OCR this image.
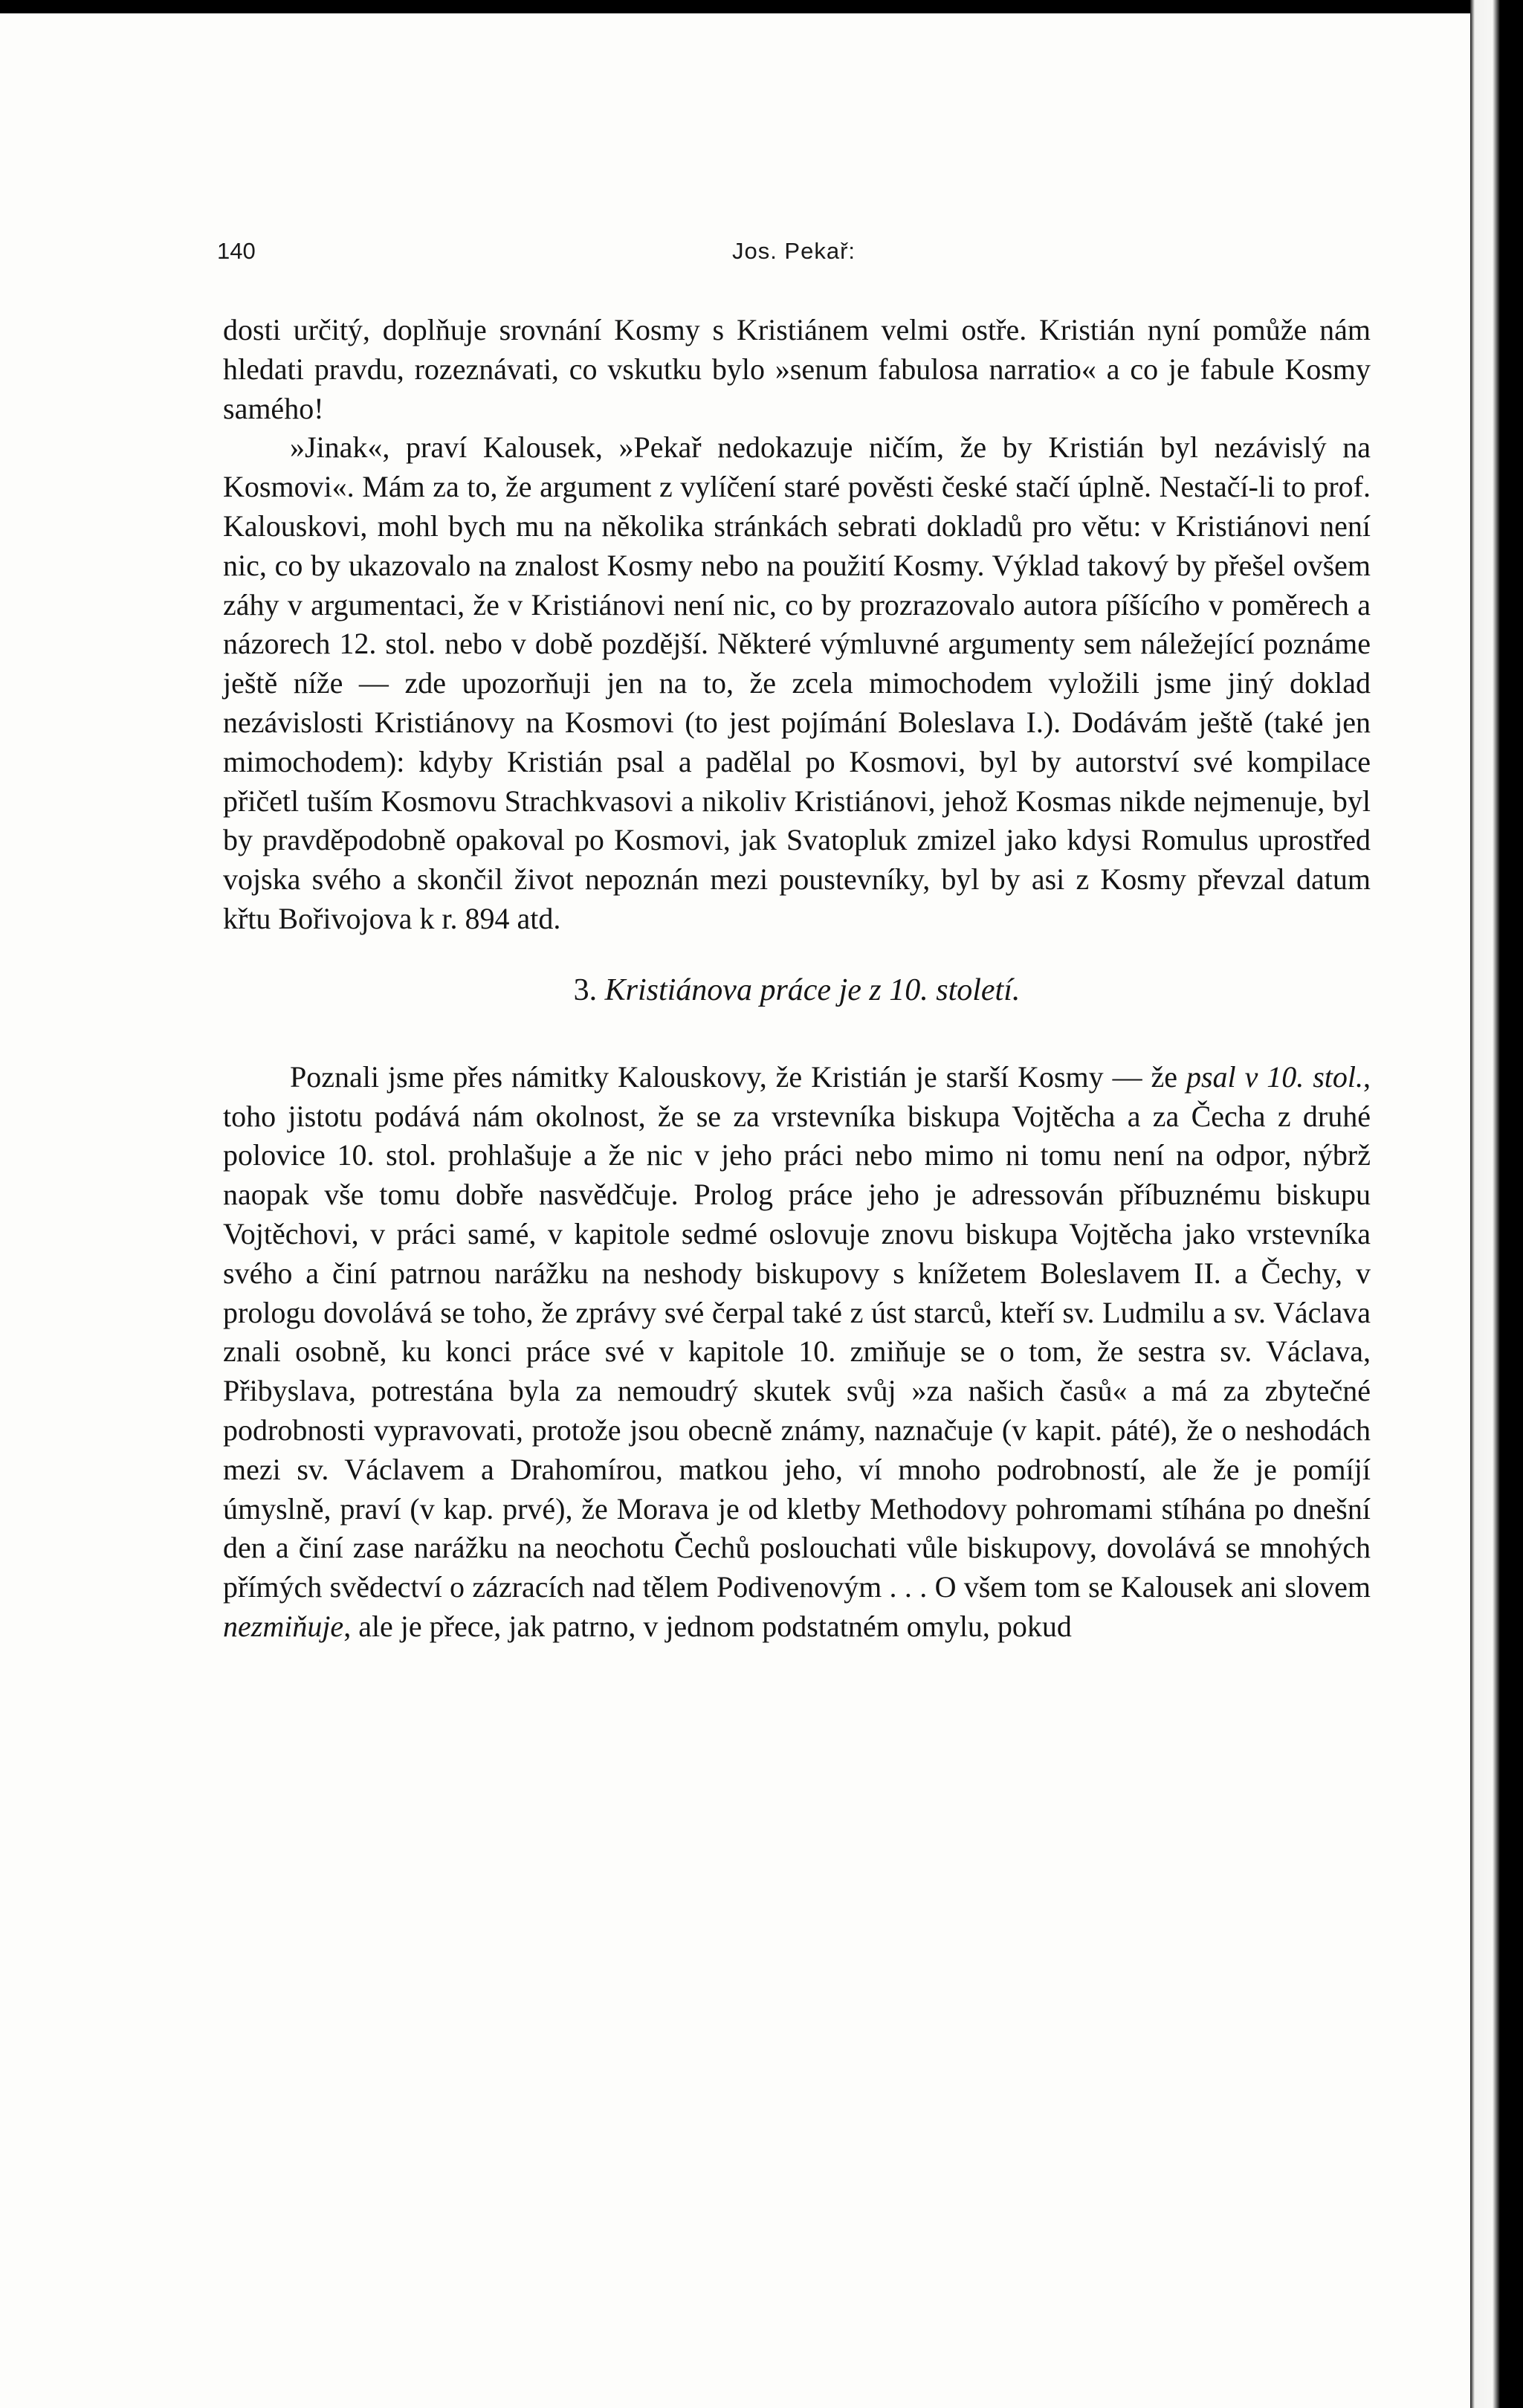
140	Jos. Pekař:

dosti určitý, doplňuje srovnání Kosmy s Kristiánem velmi ostře. Kristián nyní pomůže nám hledati pravdu, rozeznávati, co vskutku bylo »senum fabulosa narratio« a co je fabule Kosmy samého!

»Jinak«, praví Kalousek, »Pekař nedokazuje ničím, že by Kristián byl nezávislý na Kosmovi«. Mám za to, že argument z vylíčení staré pověsti české stačí úplně. Nestačí-li to prof. Kalouskovi, mohl bych mu na několika stránkách sebrati dokladů pro větu: v Kristiánovi není nic, co by ukazovalo na znalost Kosmy nebo na použití Kosmy. Výklad takový by přešel ovšem záhy v argumentaci, že v Kristiánovi není nic, co by prozrazovalo autora píšícího v poměrech a názorech 12. stol. nebo v době pozdější. Některé výmluvné argumenty sem náležející poznáme ještě níže — zde upozorňuji jen na to, že zcela mimochodem vyložili jsme jiný doklad nezávislosti Kristiánovy na Kosmovi (to jest pojímání Boleslava I.). Dodávám ještě (také jen mimochodem): kdyby Kristián psal a padělal po Kosmovi, byl by autorství své kompilace přičetl tuším Kosmovu Strachkvasovi a nikoliv Kristiánovi, jehož Kosmas nikde nejmenuje, byl by pravděpodobně opakoval po Kosmovi, jak Svatopluk zmizel jako kdysi Romulus uprostřed vojska svého a skončil život nepoznán mezi poustevníky, byl by asi z Kosmy převzal datum křtu Bořivojova k r. 894 atd.

3. Kristiánova práce je z 10. století.

Poznali jsme přes námitky Kalouskovy, že Kristián je starší Kosmy — že psal v 10. stol., toho jistotu podává nám okolnost, že se za vrstevníka biskupa Vojtěcha a za Čecha z druhé polovice 10. stol. prohlašuje a že nic v jeho práci nebo mimo ni tomu není na odpor, nýbrž naopak vše tomu dobře nasvědčuje. Prolog práce jeho je adressován příbuznému biskupu Vojtěchovi, v práci samé, v kapitole sedmé oslovuje znovu biskupa Vojtěcha jako vrstevníka svého a činí patrnou narážku na neshody biskupovy s knížetem Boleslavem II. a Čechy, v prologu dovolává se toho, že zprávy své čerpal také z úst starců, kteří sv. Ludmilu a sv. Václava znali osobně, ku konci práce své v kapitole 10. zmiňuje se o tom, že sestra sv. Václava, Přibyslava, potrestána byla za nemoudrý skutek svůj »za našich časů« a má za zbytečné podrobnosti vypravovati, protože jsou obecně známy, naznačuje (v kapit. páté), že o neshodách mezi sv. Václavem a Drahomírou, matkou jeho, ví mnoho podrobností, ale že je pomíjí úmyslně, praví (v kap. prvé), že Morava je od kletby Methodovy pohromami stíhána po dnešní den a činí zase narážku na neochotu Čechů poslouchati vůle biskupovy, dovolává se mnohých přímých svědectví o zázracích nad tělem Podivenovým . . . O všem tom se Kalousek ani slovem nezmiňuje, ale je přece, jak patrno, v jednom podstatném omylu, pokud
